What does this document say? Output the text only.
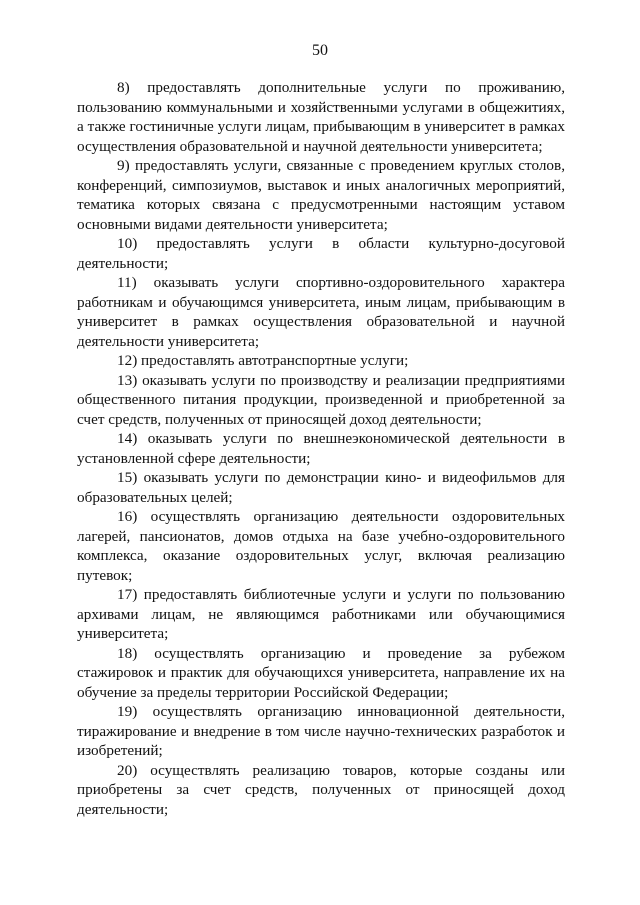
50

8) предоставлять дополнительные услуги по проживанию, пользованию коммунальными и хозяйственными услугами в общежитиях, а также гостиничные услуги лицам, прибывающим в университет в рамках осуществления образовательной и научной деятельности университета;

9) предоставлять услуги, связанные с проведением круглых столов, конференций, симпозиумов, выставок и иных аналогичных мероприятий, тематика которых связана с предусмотренными настоящим уставом основными видами деятельности университета;

10) предоставлять услуги в области культурно-досуговой деятельности;

11) оказывать услуги спортивно-оздоровительного характера работникам и обучающимся университета, иным лицам, прибывающим в университет в рамках осуществления образовательной и научной деятельности университета;

12) предоставлять автотранспортные услуги;

13) оказывать услуги по производству и реализации предприятиями общественного питания продукции, произведенной и приобретенной за счет средств, полученных от приносящей доход деятельности;

14) оказывать услуги по внешнеэкономической деятельности в установленной сфере деятельности;

15) оказывать услуги по демонстрации кино- и видеофильмов для образовательных целей;

16) осуществлять организацию деятельности оздоровительных лагерей, пансионатов, домов отдыха на базе учебно-оздоровительного комплекса, оказание оздоровительных услуг, включая реализацию путевок;

17) предоставлять библиотечные услуги и услуги по пользованию архивами лицам, не являющимся работниками или обучающимися университета;

18) осуществлять организацию и проведение за рубежом стажировок и практик для обучающихся университета, направление их на обучение за пределы территории Российской Федерации;

19) осуществлять организацию инновационной деятельности, тиражирование и внедрение в том числе научно-технических разработок и изобретений;

20) осуществлять реализацию товаров, которые созданы или приобретены за счет средств, полученных от приносящей доход деятельности;
